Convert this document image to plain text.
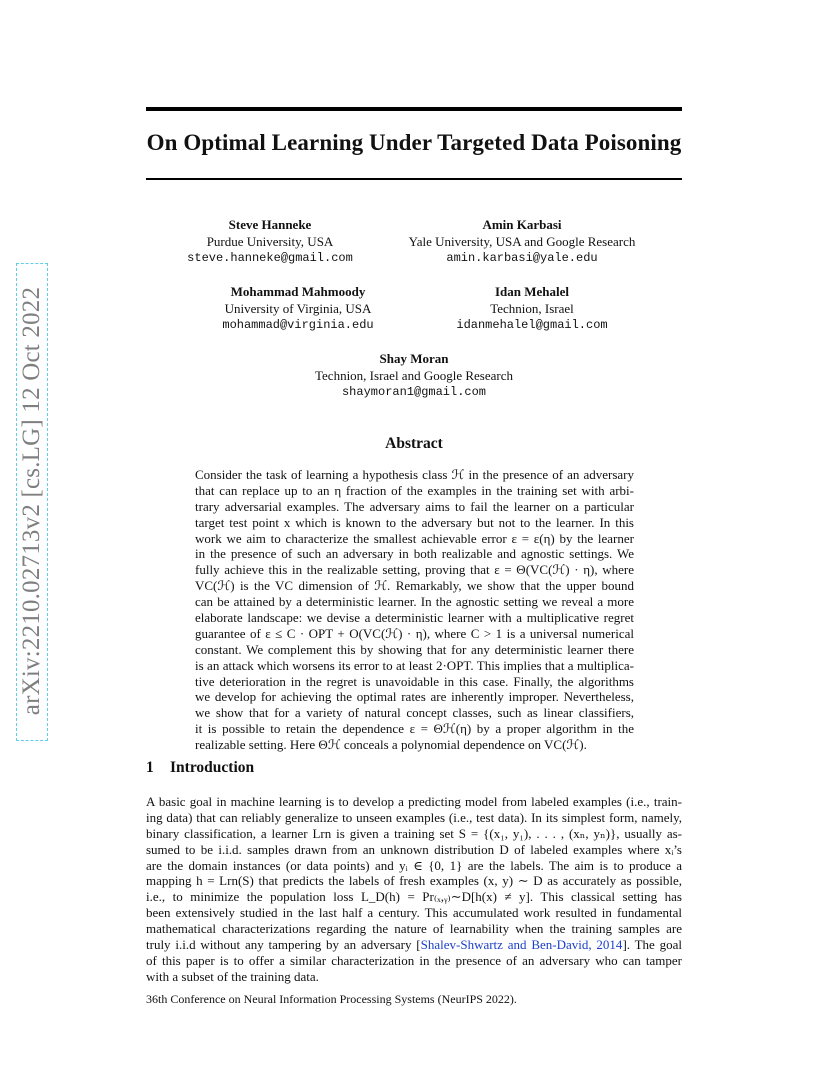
On Optimal Learning Under Targeted Data Poisoning
arXiv:2210.02713v2 [cs.LG] 12 Oct 2022
Steve Hanneke
Purdue University, USA
steve.hanneke@gmail.com
Amin Karbasi
Yale University, USA and Google Research
amin.karbasi@yale.edu
Mohammad Mahmoody
University of Virginia, USA
mohammad@virginia.edu
Idan Mehalel
Technion, Israel
idanmehalel@gmail.com
Shay Moran
Technion, Israel and Google Research
shaymoran1@gmail.com
Abstract
Consider the task of learning a hypothesis class ℋ in the presence of an adversary
that can replace up to an η fraction of the examples in the training set with arbi-
trary adversarial examples. The adversary aims to fail the learner on a particular
target test point x which is known to the adversary but not to the learner. In this
work we aim to characterize the smallest achievable error ε = ε(η) by the learner
in the presence of such an adversary in both realizable and agnostic settings. We
fully achieve this in the realizable setting, proving that ε = Θ(VC(ℋ) · η), where
VC(ℋ) is the VC dimension of ℋ. Remarkably, we show that the upper bound
can be attained by a deterministic learner. In the agnostic setting we reveal a more
elaborate landscape: we devise a deterministic learner with a multiplicative regret
guarantee of ε ≤ C · OPT + O(VC(ℋ) · η), where C > 1 is a universal numerical
constant. We complement this by showing that for any deterministic learner there
is an attack which worsens its error to at least 2·OPT. This implies that a multiplica-
tive deterioration in the regret is unavoidable in this case. Finally, the algorithms
we develop for achieving the optimal rates are inherently improper. Nevertheless,
we show that for a variety of natural concept classes, such as linear classifiers,
it is possible to retain the dependence ε = Θℋ(η) by a proper algorithm in the
realizable setting. Here Θℋ conceals a polynomial dependence on VC(ℋ).
1 Introduction
A basic goal in machine learning is to develop a predicting model from labeled examples (i.e., train-
ing data) that can reliably generalize to unseen examples (i.e., test data). In its simplest form, namely,
binary classification, a learner Lrn is given a training set S = {(x₁, y₁), . . . , (xₙ, yₙ)}, usually as-
sumed to be i.i.d. samples drawn from an unknown distribution D of labeled examples where xᵢ’s
are the domain instances (or data points) and yᵢ ∈ {0, 1} are the labels. The aim is to produce a
mapping h = Lrn(S) that predicts the labels of fresh examples (x, y) ∼ D as accurately as possible,
i.e., to minimize the population loss L_D(h) = Pr₍ₓ,ᵧ₎∼D[h(x) ≠ y]. This classical setting has
been extensively studied in the last half a century. This accumulated work resulted in fundamental
mathematical characterizations regarding the nature of learnability when the training samples are
truly i.i.d without any tampering by an adversary [Shalev-Shwartz and Ben-David, 2014]. The goal
of this paper is to offer a similar characterization in the presence of an adversary who can tamper
with a subset of the training data.
36th Conference on Neural Information Processing Systems (NeurIPS 2022).
